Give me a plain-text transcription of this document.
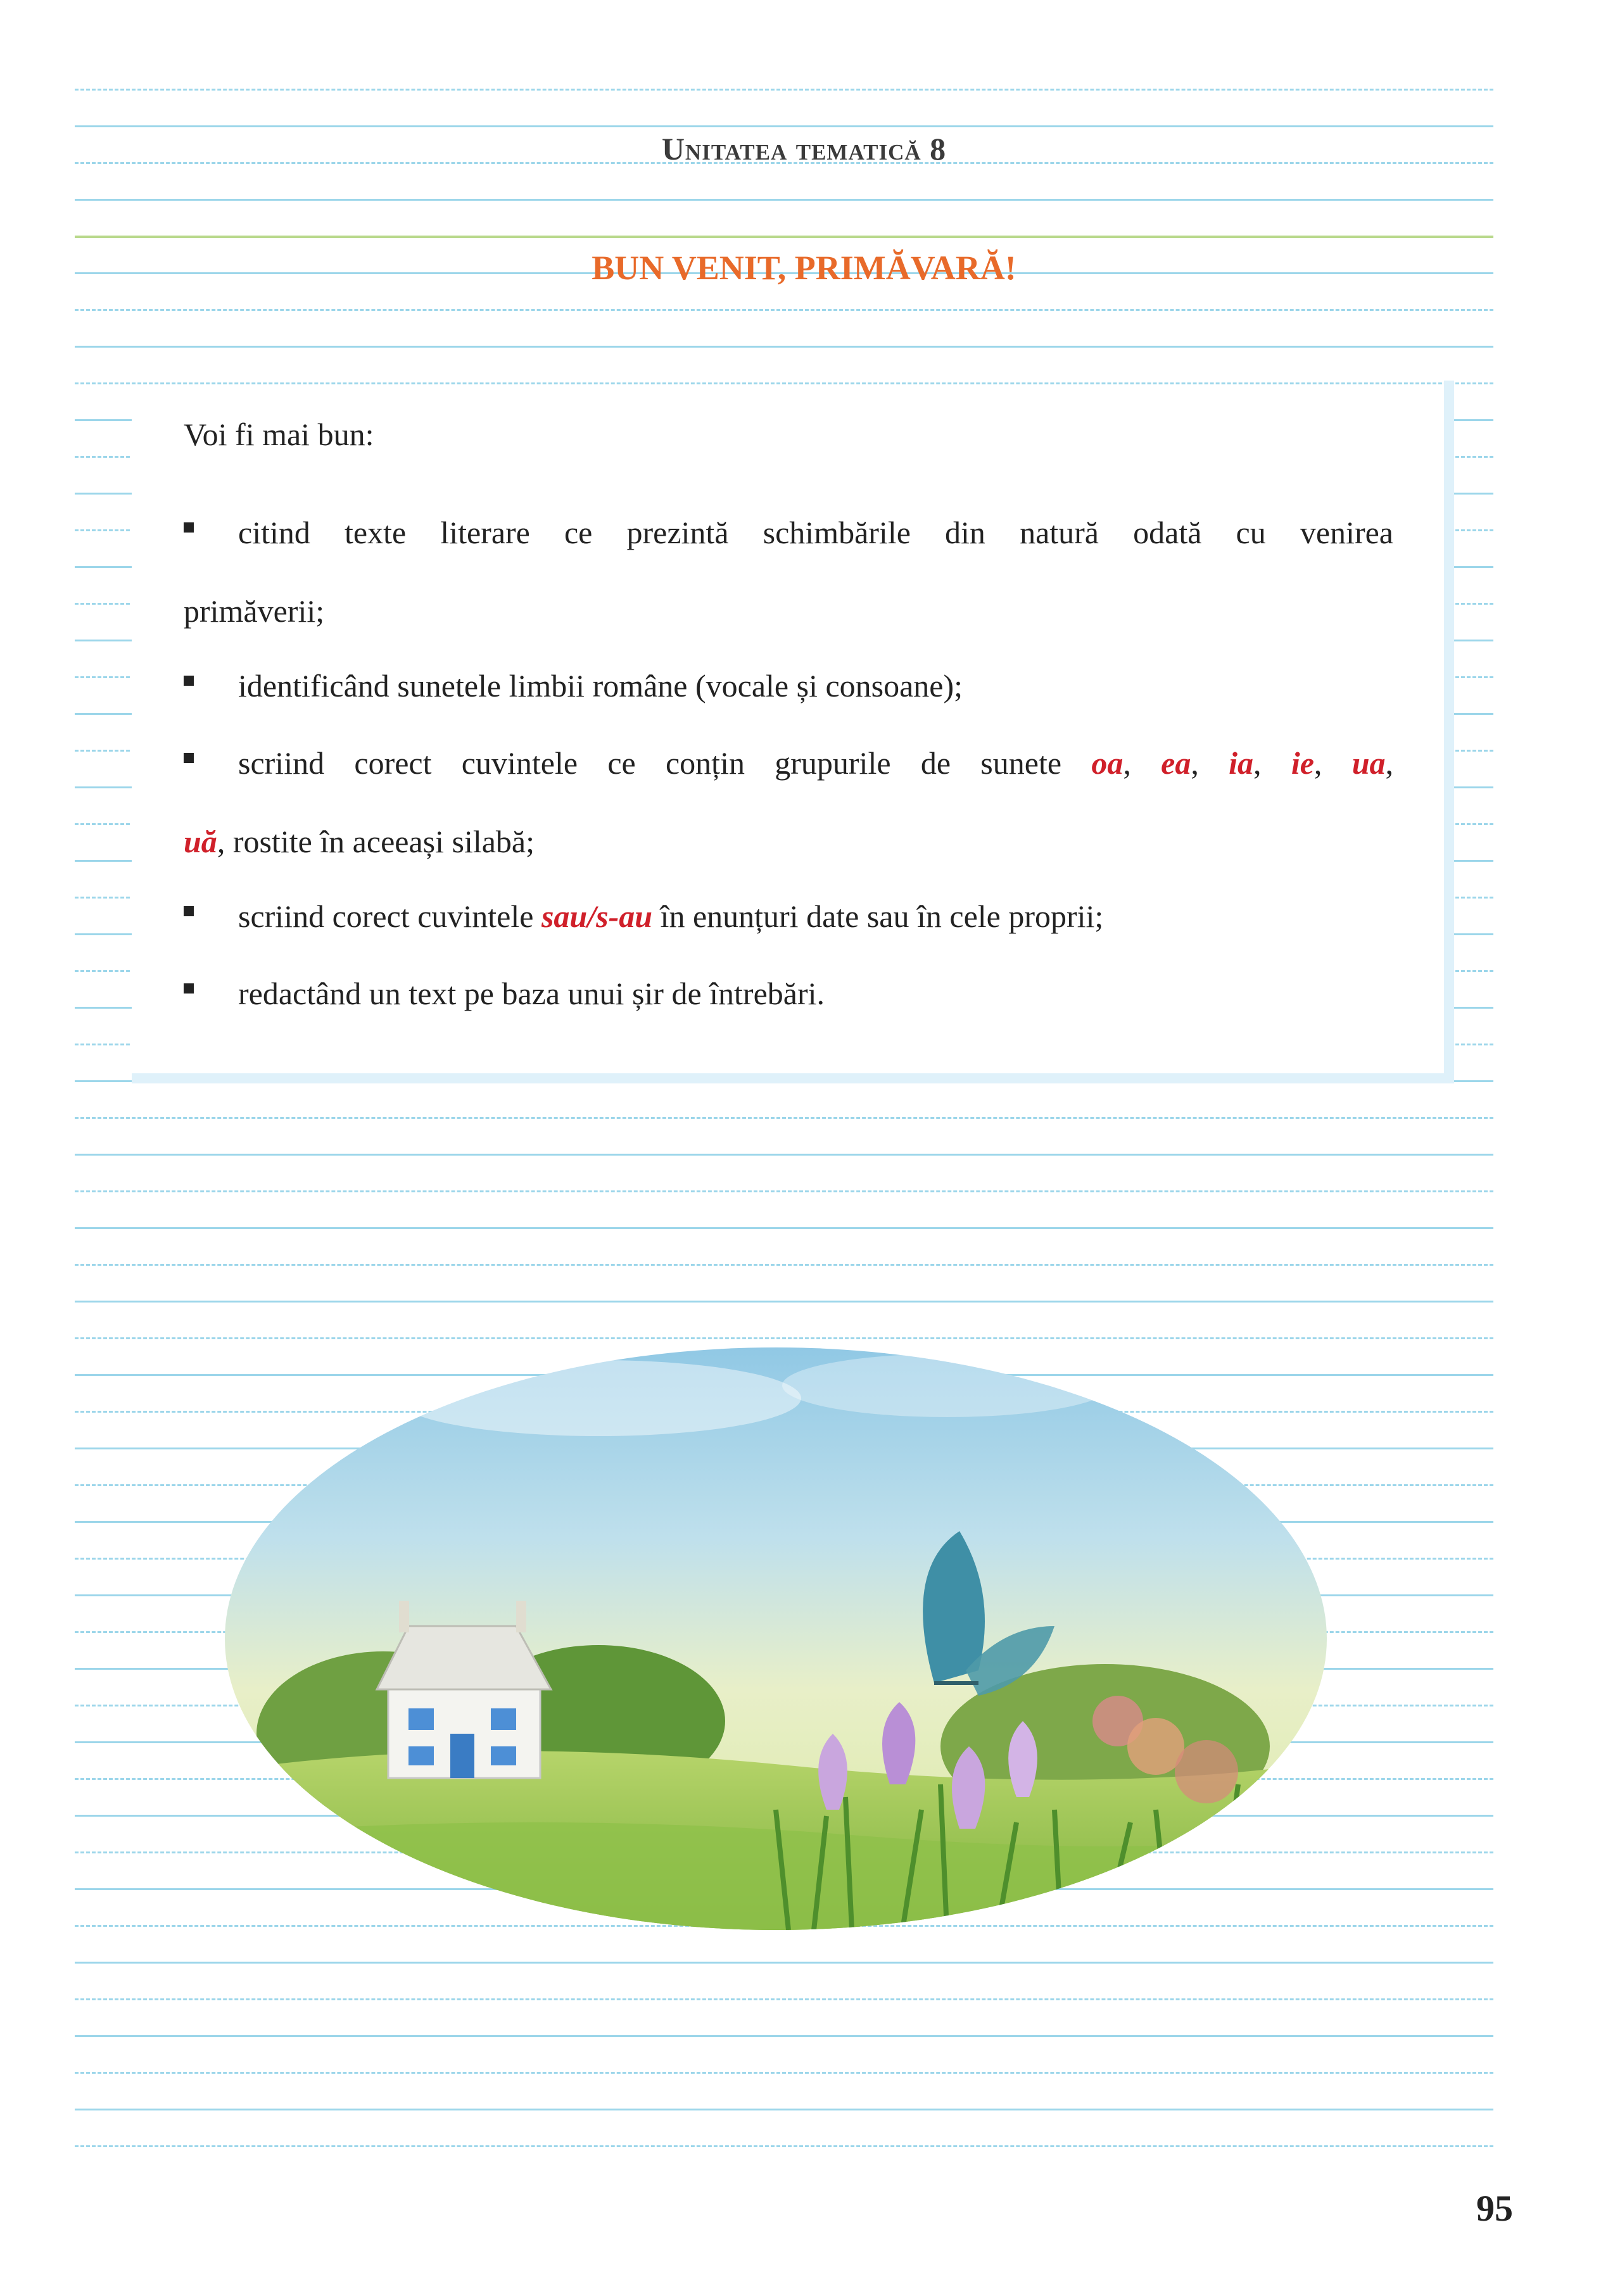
Unitatea tematică 8
BUN VENIT, PRIMĂVARĂ!
Voi fi mai bun:
citind texte literare ce prezintă schimbările din natură odată cu venirea
primăverii;
identificând sunetele limbii române (vocale și consoane);
scriind corect cuvintele ce conțin grupurile de sunete oa, ea, ia, ie, ua,
uă, rostite în aceeași silabă;
scriind corect cuvintele sau/s-au în enunțuri date sau în cele proprii;
redactând un text pe baza unui șir de întrebări.
95
